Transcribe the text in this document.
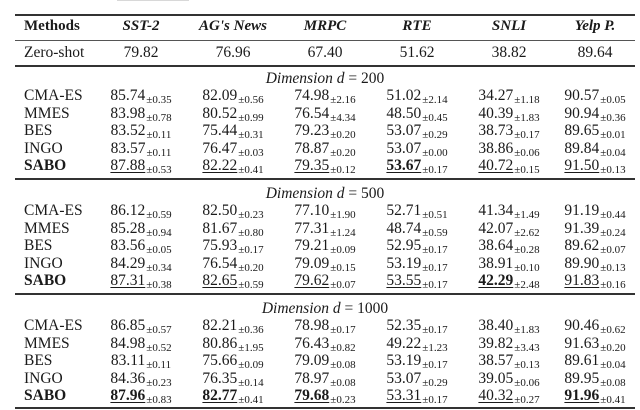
Methods	SST-2	AG's News	MRPC	RTE	SNLI	Yelp P.
Zero-shot	79.82	76.96	67.40	51.62	38.82	89.64
Dimension d = 200
CMA-ES	$85.74_{\pm 0.35}$	$82.09_{\pm 0.56}$	$74.98_{\pm 2.16}$	$51.02_{\pm 2.14}$	$34.27_{\pm 1.18}$	$90.57_{\pm 0.05}$
MMES	$83.98_{\pm 0.78}$	$80.52_{\pm 0.99}$	$76.54_{\pm 4.34}$	$48.50_{\pm 0.45}$	$40.39_{\pm 1.83}$	$90.94_{\pm 0.36}$
BES	$83.52_{\pm 0.11}$	$75.44_{\pm 0.31}$	$79.23_{\pm 0.20}$	$53.07_{\pm 0.29}$	$38.73_{\pm 0.17}$	$89.65_{\pm 0.01}$
INGO	$83.57_{\pm 0.11}$	$76.47_{\pm 0.03}$	$78.87_{\pm 0.20}$	$53.07_{\pm 0.00}$	$38.86_{\pm 0.06}$	$89.84_{\pm 0.04}$
SABO	$87.88_{\pm 0.53}$	$82.22_{\pm 0.41}$	$79.35_{\pm 0.12}$	$53.67_{\pm 0.17}$	$40.72_{\pm 0.15}$	$91.50_{\pm 0.13}$
Dimension d = 500
CMA-ES	$86.12_{\pm 0.59}$	$82.50_{\pm 0.23}$	$77.10_{\pm 1.90}$	$52.71_{\pm 0.51}$	$41.34_{\pm 1.49}$	$91.19_{\pm 0.44}$
MMES	$85.28_{\pm 0.94}$	$81.67_{\pm 0.80}$	$77.31_{\pm 1.24}$	$48.74_{\pm 0.59}$	$42.07_{\pm 2.62}$	$91.39_{\pm 0.24}$
BES	$83.56_{\pm 0.05}$	$75.93_{\pm 0.17}$	$79.21_{\pm 0.09}$	$52.95_{\pm 0.17}$	$38.64_{\pm 0.28}$	$89.62_{\pm 0.07}$
INGO	$84.29_{\pm 0.34}$	$76.54_{\pm 0.20}$	$79.09_{\pm 0.15}$	$53.19_{\pm 0.17}$	$38.91_{\pm 0.10}$	$89.90_{\pm 0.13}$
SABO	$87.31_{\pm 0.38}$	$82.65_{\pm 0.59}$	$79.62_{\pm 0.07}$	$53.55_{\pm 0.17}$	$42.29_{\pm 2.48}$	$91.83_{\pm 0.16}$
Dimension d = 1000
CMA-ES	$86.85_{\pm 0.57}$	$82.21_{\pm 0.36}$	$78.98_{\pm 0.17}$	$52.35_{\pm 0.17}$	$38.40_{\pm 1.83}$	$90.46_{\pm 0.62}$
MMES	$84.98_{\pm 0.52}$	$80.86_{\pm 1.95}$	$76.43_{\pm 0.82}$	$49.22_{\pm 1.23}$	$39.82_{\pm 3.43}$	$91.63_{\pm 0.20}$
BES	$83.11_{\pm 0.11}$	$75.66_{\pm 0.09}$	$79.09_{\pm 0.08}$	$53.19_{\pm 0.17}$	$38.57_{\pm 0.13}$	$89.61_{\pm 0.04}$
INGO	$84.36_{\pm 0.23}$	$76.35_{\pm 0.14}$	$78.97_{\pm 0.08}$	$53.07_{\pm 0.29}$	$39.05_{\pm 0.06}$	$89.95_{\pm 0.08}$
SABO	$87.96_{\pm 0.83}$	$82.77_{\pm 0.41}$	$79.68_{\pm 0.23}$	$53.31_{\pm 0.17}$	$40.32_{\pm 0.27}$	$91.96_{\pm 0.41}$
